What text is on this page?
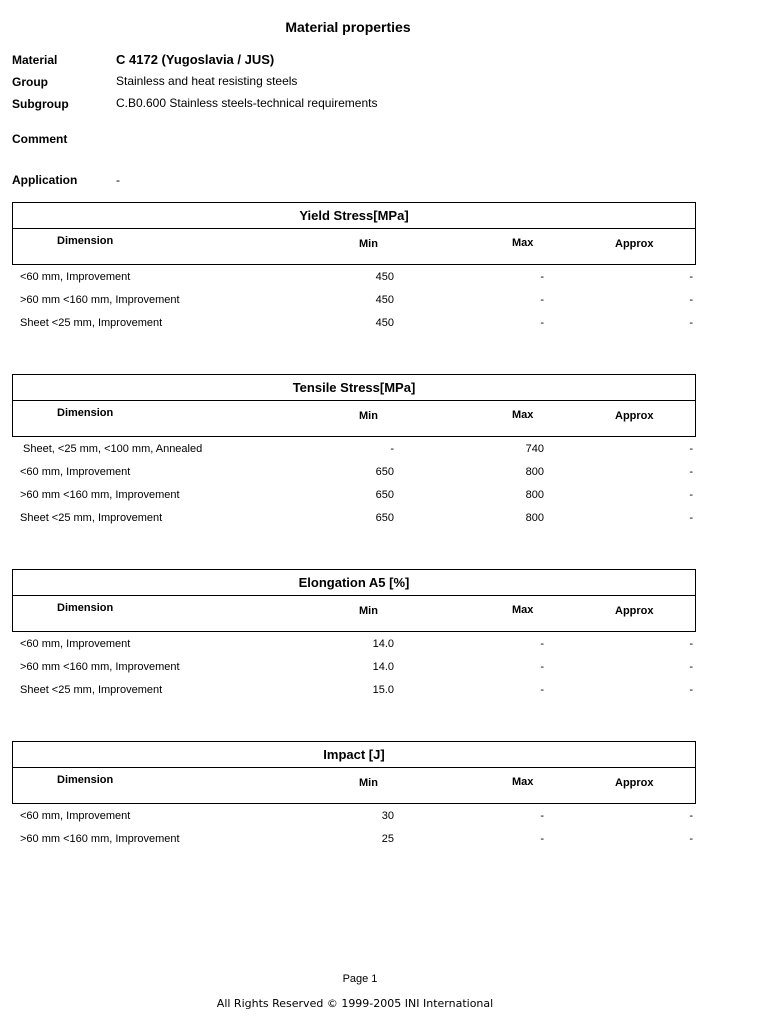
Material properties
Material	C 4172 (Yugoslavia / JUS)
Group	Stainless and heat resisting steels
Subgroup	C.B0.600 Stainless steels-technical requirements
Comment
Application	-
Yield Stress[MPa]
Dimension	Min	Max	Approx
<60 mm, Improvement	450	-	-
>60 mm <160 mm, Improvement	450	-	-
Sheet <25 mm, Improvement	450	-	-
Tensile Stress[MPa]
Dimension	Min	Max	Approx
Sheet, <25 mm, <100 mm, Annealed	-	740	-
<60 mm, Improvement	650	800	-
>60 mm <160 mm, Improvement	650	800	-
Sheet <25 mm, Improvement	650	800	-
Elongation A5 [%]
Dimension	Min	Max	Approx
<60 mm, Improvement	14.0	-	-
>60 mm <160 mm, Improvement	14.0	-	-
Sheet <25 mm, Improvement	15.0	-	-
Impact [J]
Dimension	Min	Max	Approx
<60 mm, Improvement	30	-	-
>60 mm <160 mm, Improvement	25	-	-
Page 1
All Rights Reserved © 1999-2005 INI International
